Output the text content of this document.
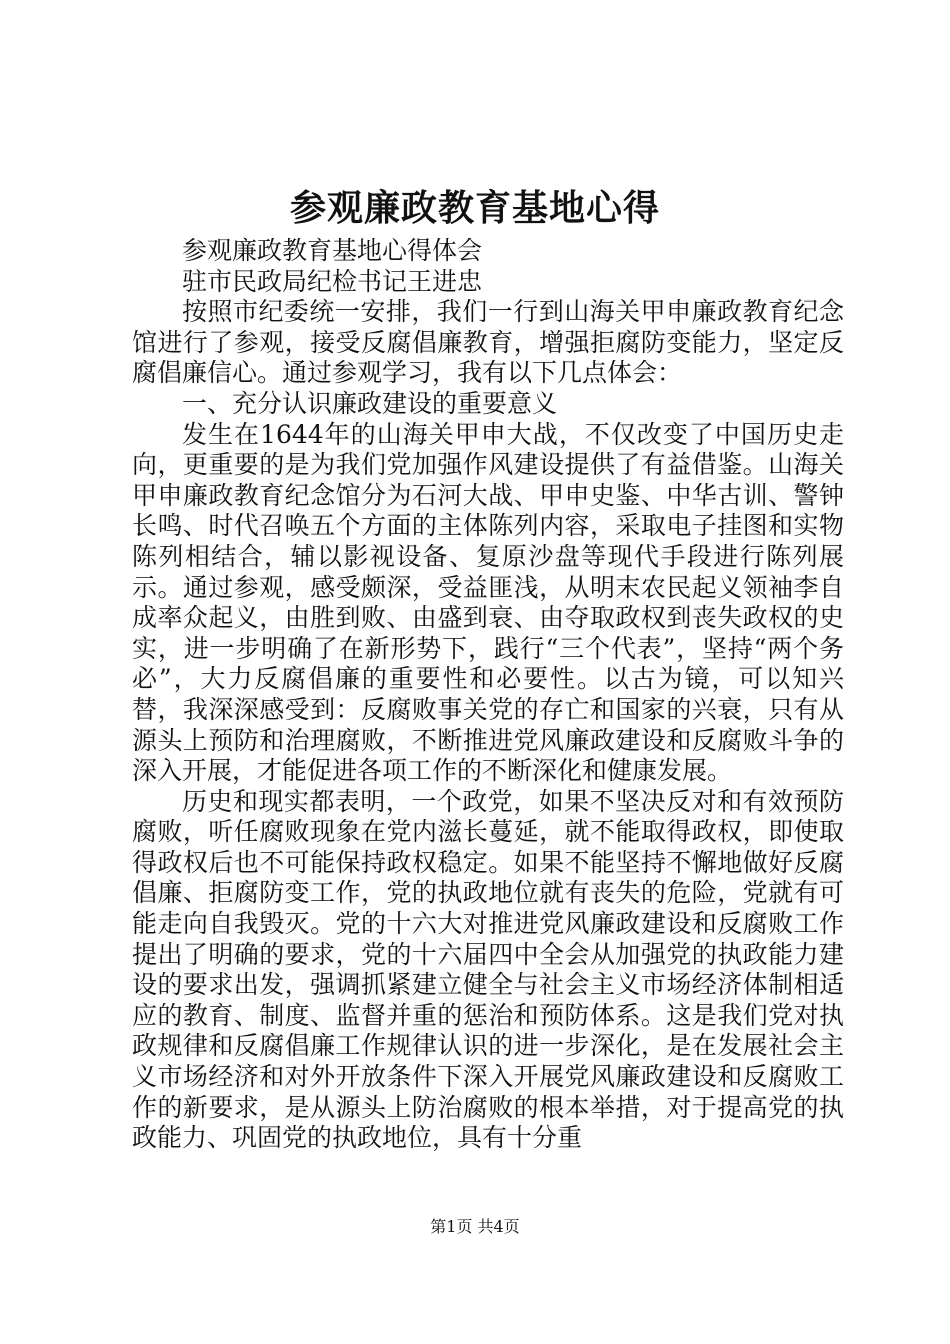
参观廉政教育基地心得

参观廉政教育基地心得体会

驻市民政局纪检书记王进忠

按照市纪委统一安排，我们一行到山海关甲申廉政教育纪念馆进行了参观，接受反腐倡廉教育，增强拒腐防变能力，坚定反腐倡廉信心。通过参观学习，我有以下几点体会：

一、充分认识廉政建设的重要意义

发生在1644年的山海关甲申大战，不仅改变了中国历史走向，更重要的是为我们党加强作风建设提供了有益借鉴。山海关甲申廉政教育纪念馆分为石河大战、甲申史鉴、中华古训、警钟长鸣、时代召唤五个方面的主体陈列内容，采取电子挂图和实物陈列相结合，辅以影视设备、复原沙盘等现代手段进行陈列展示。通过参观，感受颇深，受益匪浅，从明末农民起义领袖李自成率众起义，由胜到败、由盛到衰、由夺取政权到丧失政权的史实，进一步明确了在新形势下，践行“三个代表”，坚持“两个务必”，大力反腐倡廉的重要性和必要性。以古为镜，可以知兴替，我深深感受到：反腐败事关党的存亡和国家的兴衰，只有从源头上预防和治理腐败，不断推进党风廉政建设和反腐败斗争的深入开展，才能促进各项工作的不断深化和健康发展。

历史和现实都表明，一个政党，如果不坚决反对和有效预防腐败，听任腐败现象在党内滋长蔓延，就不能取得政权，即使取得政权后也不可能保持政权稳定。如果不能坚持不懈地做好反腐倡廉、拒腐防变工作，党的执政地位就有丧失的危险，党就有可能走向自我毁灭。党的十六大对推进党风廉政建设和反腐败工作提出了明确的要求，党的十六届四中全会从加强党的执政能力建设的要求出发，强调抓紧建立健全与社会主义市场经济体制相适应的教育、制度、监督并重的惩治和预防体系。这是我们党对执政规律和反腐倡廉工作规律认识的进一步深化，是在发展社会主义市场经济和对外开放条件下深入开展党风廉政建设和反腐败工作的新要求，是从源头上防治腐败的根本举措，对于提高党的执政能力、巩固党的执政地位，具有十分重

第1页 共4页
